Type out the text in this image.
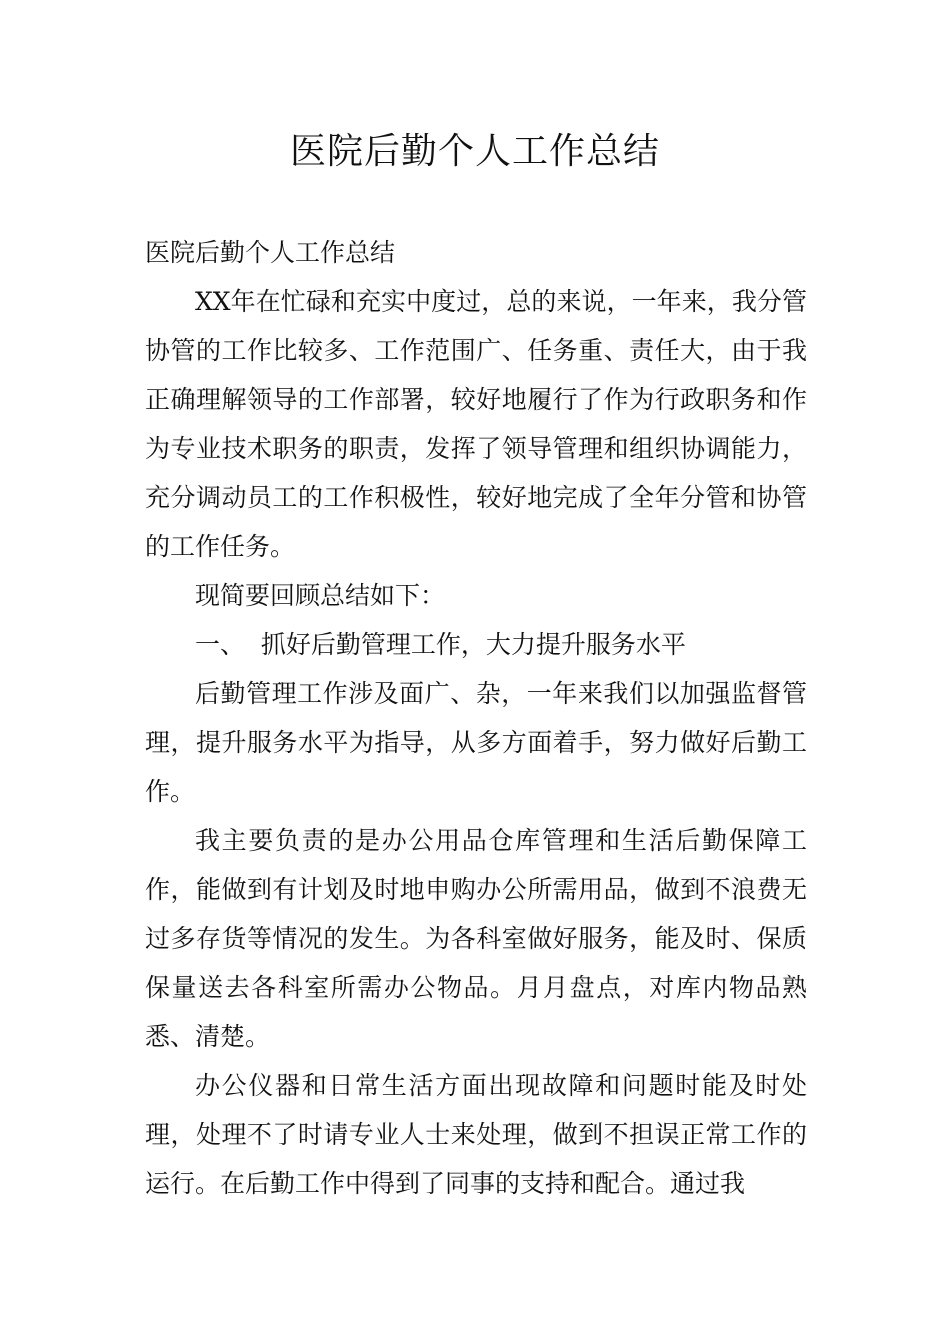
医院后勤个人工作总结

医院后勤个人工作总结

XX年在忙碌和充实中度过，总的来说，一年来，我分管协管的工作比较多、工作范围广、任务重、责任大，由于我正确理解领导的工作部署，较好地履行了作为行政职务和作为专业技术职务的职责，发挥了领导管理和组织协调能力，充分调动员工的工作积极性，较好地完成了全年分管和协管的工作任务。

现简要回顾总结如下：

一、  抓好后勤管理工作，大力提升服务水平

后勤管理工作涉及面广、杂，一年来我们以加强监督管理，提升服务水平为指导，从多方面着手，努力做好后勤工作。

我主要负责的是办公用品仓库管理和生活后勤保障工作，能做到有计划及时地申购办公所需用品，做到不浪费无过多存货等情况的发生。为各科室做好服务，能及时、保质保量送去各科室所需办公物品。月月盘点，对库内物品熟悉、清楚。

办公仪器和日常生活方面出现故障和问题时能及时处理，处理不了时请专业人士来处理，做到不担误正常工作的运行。在后勤工作中得到了同事的支持和配合。通过我
